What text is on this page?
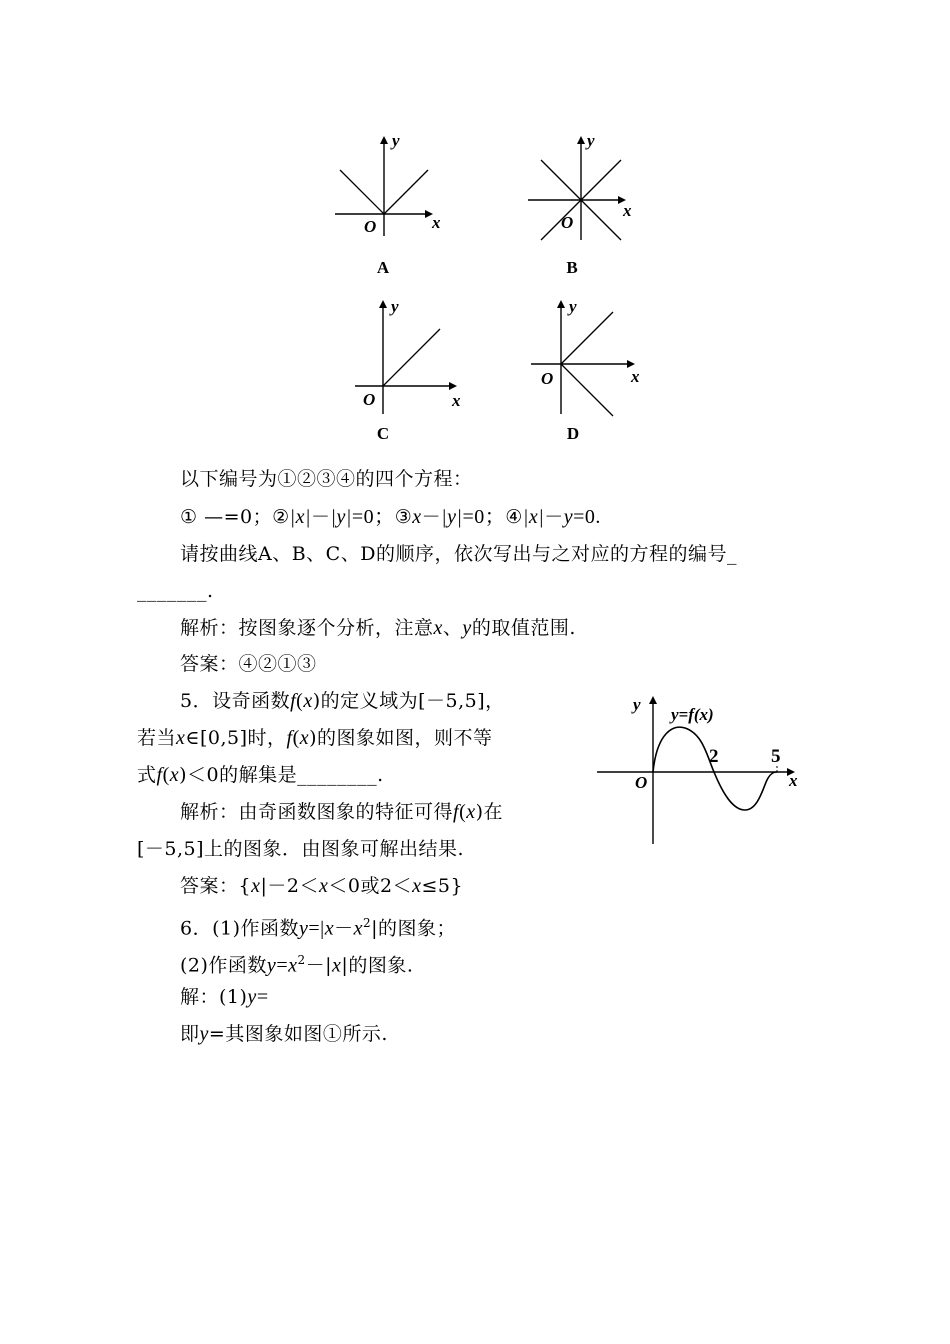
y
x
O
A
y
x
O
B
y
x
O
C
y
x
O
D
以下编号为①②③④的四个方程：
① —=0；②|x|－|y|=0；③x－|y|=0；④|x|－y=0.
请按曲线A、B、C、D的顺序，依次写出与之对应的方程的编号_
_______.
解析：按图象逐个分析，注意x、y的取值范围.
答案：④②①③
5．设奇函数f(x)的定义域为[－5,5]，
若当x∈[0,5]时，f(x)的图象如图，则不等
式f(x)＜0的解集是________.
解析：由奇函数图象的特征可得f(x)在
[－5,5]上的图象．由图象可解出结果.
答案：{x|－2＜x＜0或2＜x≤5}
y
y=f(x)
2	5
x
O
6．(1)作函数$y=|x-x^2|$的图象；
(2)作函数$y=x^2-|x|$的图象.
解：(1)y=
即y=其图象如图①所示.
